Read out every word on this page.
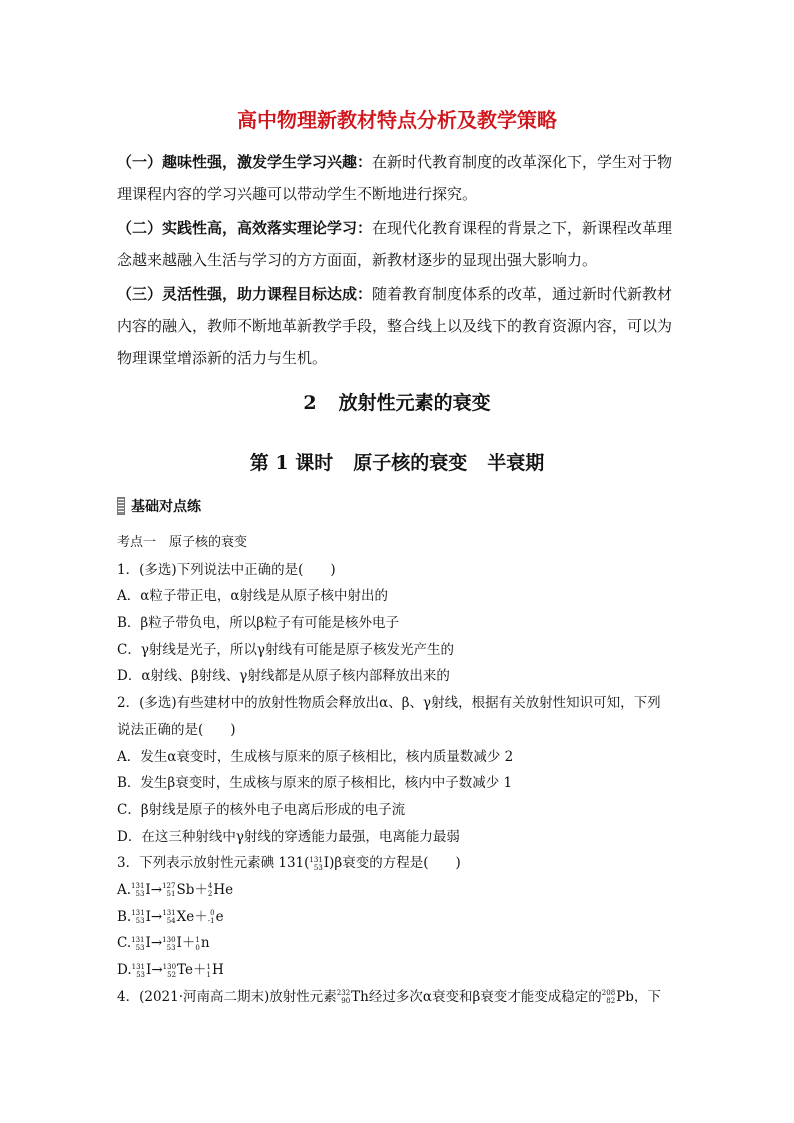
高中物理新教材特点分析及教学策略

（一）趣味性强，激发学生学习兴趣：在新时代教育制度的改革深化下，学生对于物理课程内容的学习兴趣可以带动学生不断地进行探究。

（二）实践性高，高效落实理论学习：在现代化教育课程的背景之下，新课程改革理念越来越融入生活与学习的方方面面，新教材逐步的显现出强大影响力。

（三）灵活性强，助力课程目标达成：随着教育制度体系的改革，通过新时代新教材内容的融入，教师不断地革新教学手段，整合线上以及线下的教育资源内容，可以为物理课堂增添新的活力与生机。

2 放射性元素的衰变
第 1 课时 原子核的衰变 半衰期
基础对点练
考点一　原子核的衰变
1．(多选)下列说法中正确的是(　　)
A．α粒子带正电，α射线是从原子核中射出的
B．β粒子带负电，所以β粒子有可能是核外电子
C．γ射线是光子，所以γ射线有可能是原子核发光产生的
D．α射线、β射线、γ射线都是从原子核内部释放出来的
2．(多选)有些建材中的放射性物质会释放出α、β、γ射线，根据有关放射性知识可知，下列
说法正确的是(　　)
A．发生α衰变时，生成核与原来的原子核相比，核内质量数减少 2
B．发生β衰变时，生成核与原来的原子核相比，核内中子数减少 1
C．β射线是原子的核外电子电离后形成的电子流
D．在这三种射线中γ射线的穿透能力最强，电离能力最弱
3．下列表示放射性元素碘 131( 131
53 I)β衰变的方程是(　　)
A. 131
53 I→ 127
51 Sb＋ 4
2 He
B. 131
53 I→ 131
54 Xe＋ 0
-1 e
C. 131
53 I→ 130
53 I＋ 1
0 n
D. 131
53 I→ 130
52 Te＋ 1
1 H
4．(2021·河南高二期末)放射性元素 232
90 Th经过多次α衰变和β衰变才能变成稳定的 208
82 Pb，下
